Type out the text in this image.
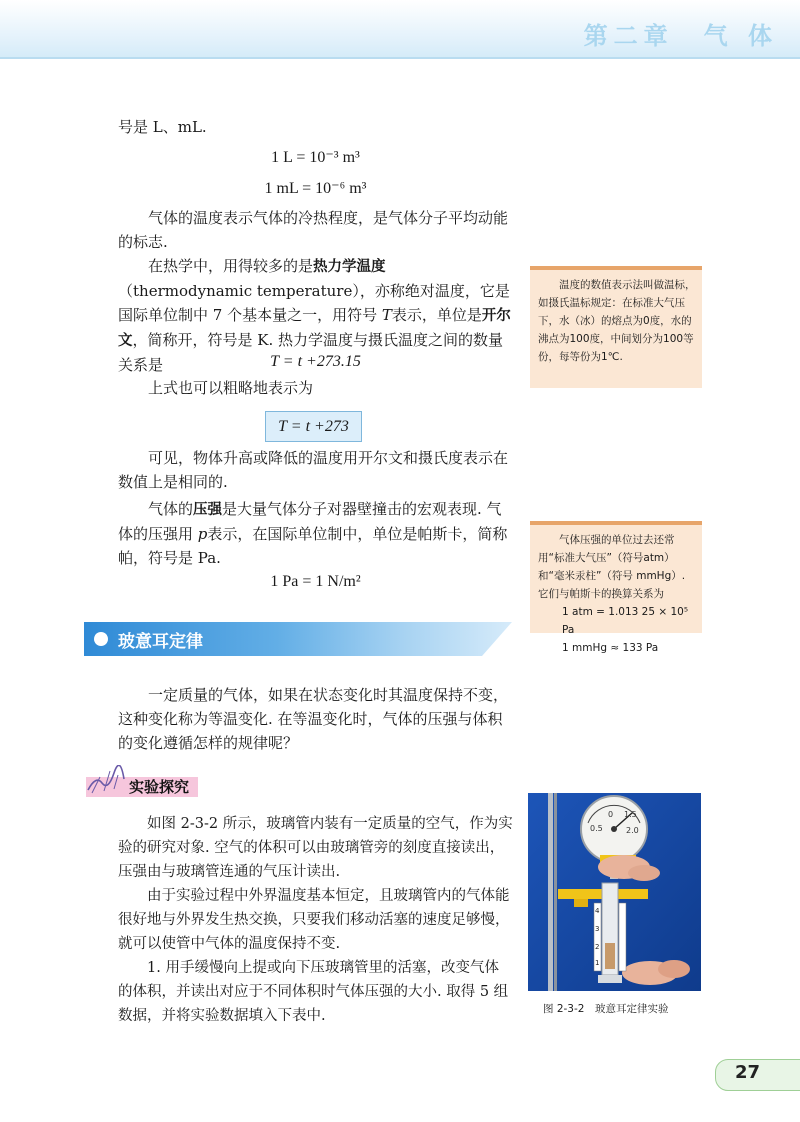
第二章　气 体
号是 L、mL.
1 L = 10⁻³ m³
1 mL = 10⁻⁶ m³
气体的温度表示气体的冷热程度，是气体分子平均动能的标志.
在热学中，用得较多的是热力学温度（thermodynamic temperature），亦称绝对温度，它是国际单位制中 7 个基本量之一，用符号 T表示，单位是开尔文，简称开，符号是 K. 热力学温度与摄氏温度之间的数量关系是	T = t +273.15
上式也可以粗略地表示为
T = t +273
可见，物体升高或降低的温度用开尔文和摄氏度表示在数值上是相同的.
气体的压强是大量气体分子对器壁撞击的宏观表现. 气体的压强用 p表示，在国际单位制中，单位是帕斯卡，简称帕，符号是 Pa.
1 Pa = 1 N/m²

温度的数值表示法叫做温标，如摄氏温标规定：在标准大气压下，水（冰）的熔点为0度，水的沸点为100度，中间划分为100等份，每等份为1℃.

气体压强的单位过去还常用“标准大气压”（符号atm）和“毫米汞柱”（符号 mmHg）. 它们与帕斯卡的换算关系为

1 atm = 1.013 25 × 10⁵ Pa

1 mmHg ≈ 133 Pa

玻意耳定律
一定质量的气体，如果在状态变化时其温度保持不变，这种变化称为等温变化. 在等温变化时，气体的压强与体积的变化遵循怎样的规律呢？
实验探究
如图 2-3-2 所示，玻璃管内装有一定质量的空气，作为实验的研究对象. 空气的体积可以由玻璃管旁的刻度直接读出，压强由与玻璃管连通的气压计读出.
由于实验过程中外界温度基本恒定，且玻璃管内的气体能很好地与外界发生热交换，只要我们移动活塞的速度足够慢，就可以使管中气体的温度保持不变.
1. 用手缓慢向上提或向下压玻璃管里的活塞，改变气体的体积，并读出对应于不同体积时气体压强的大小. 取得 5 组数据，并将实验数据填入下表中.
0 1.5
0.5	2.0
4
3
2
1
图 2-3-2　玻意耳定律实验
27
